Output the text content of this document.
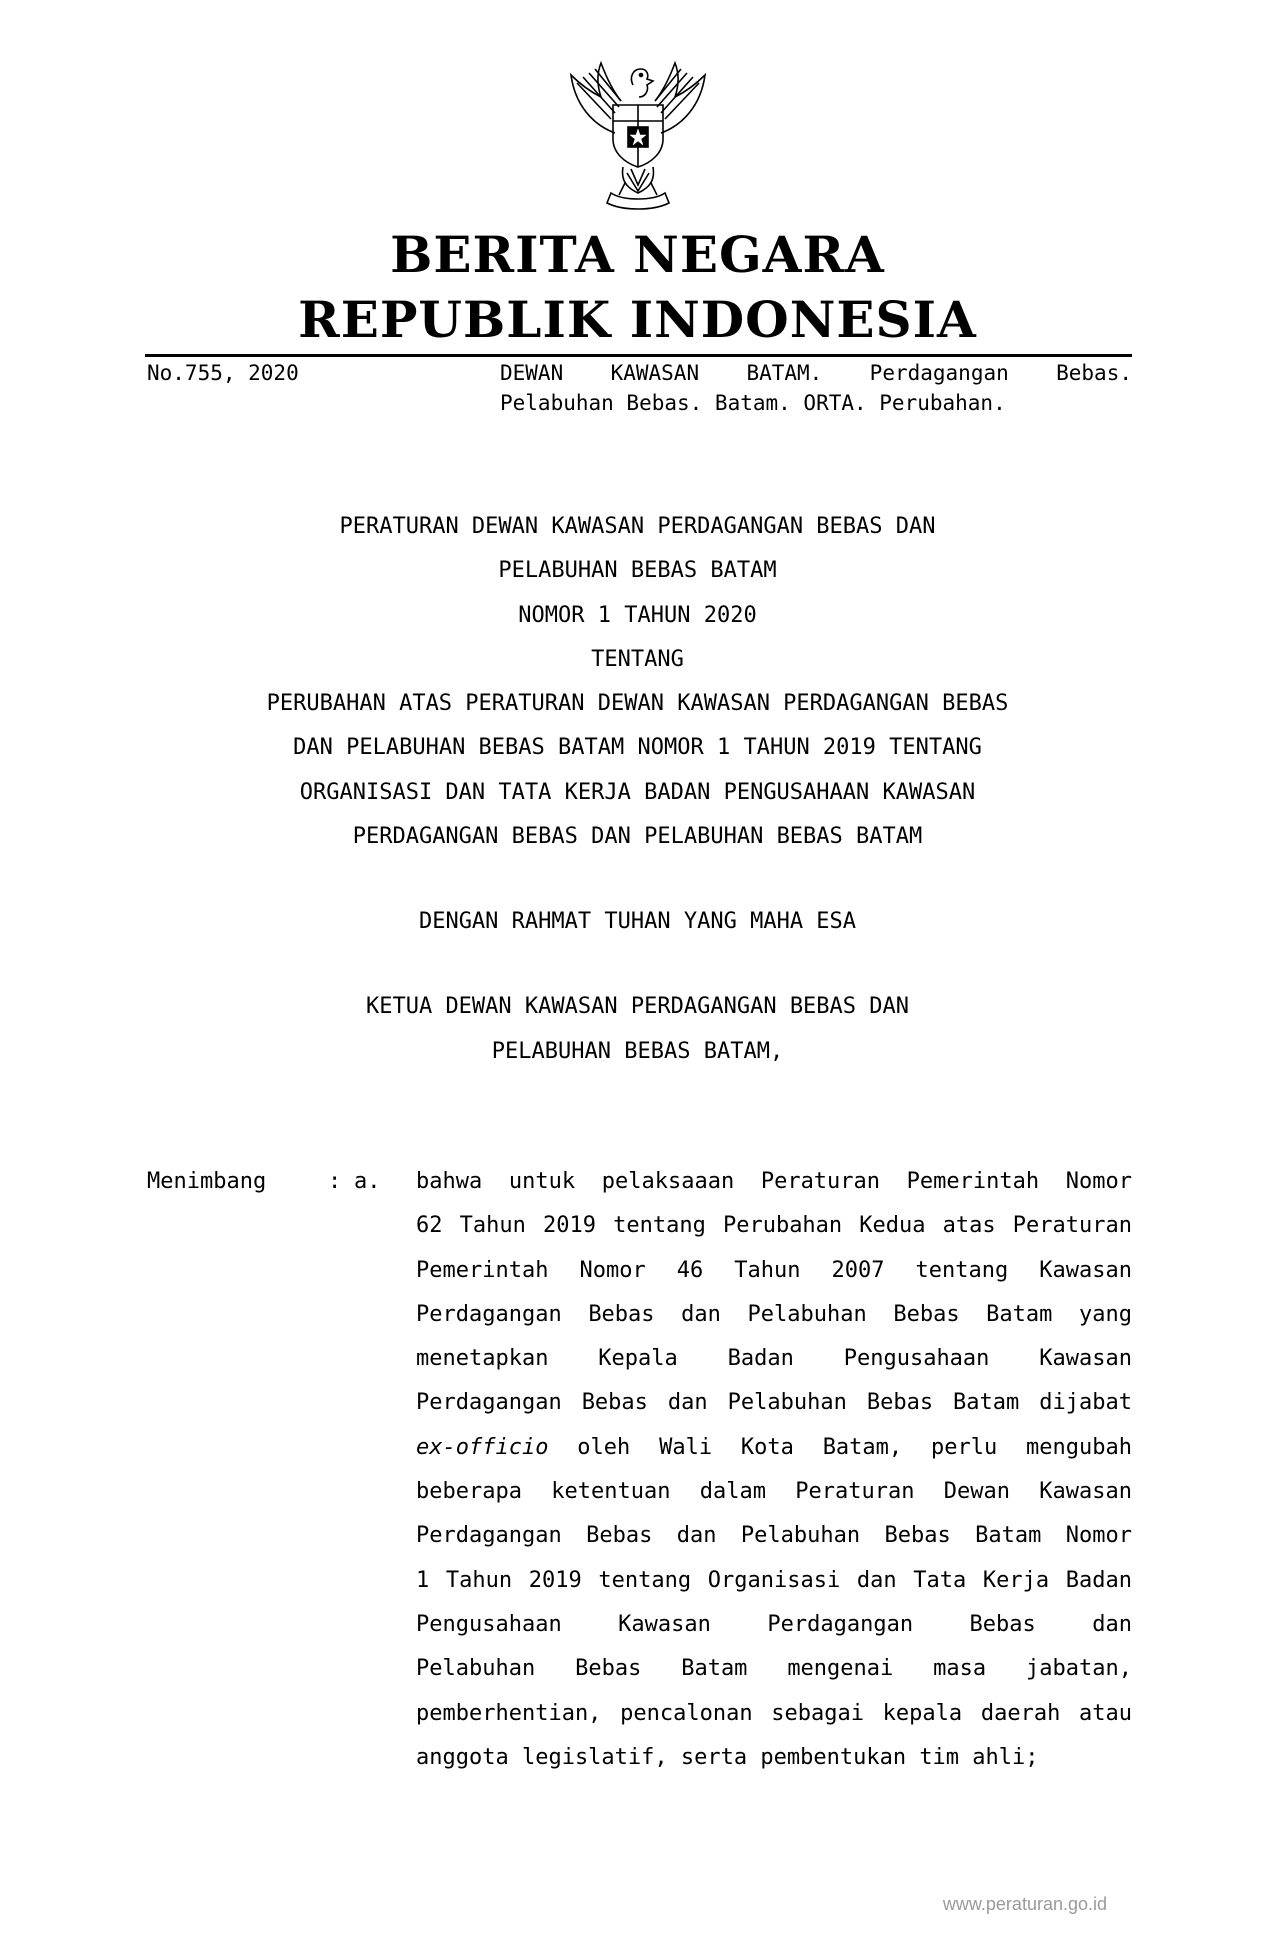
BERITA NEGARA
REPUBLIK INDONESIA
No.755, 2020	DEWAN KAWASAN BATAM. Perdagangan Bebas.
Pelabuhan Bebas. Batam. ORTA. Perubahan.
PERATURAN DEWAN KAWASAN PERDAGANGAN BEBAS DAN
PELABUHAN BEBAS BATAM
NOMOR 1 TAHUN 2020
TENTANG
PERUBAHAN ATAS PERATURAN DEWAN KAWASAN PERDAGANGAN BEBAS
DAN PELABUHAN BEBAS BATAM NOMOR 1 TAHUN 2019 TENTANG
ORGANISASI DAN TATA KERJA BADAN PENGUSAHAAN KAWASAN
PERDAGANGAN BEBAS DAN PELABUHAN BEBAS BATAM
DENGAN RAHMAT TUHAN YANG MAHA ESA
KETUA DEWAN KAWASAN PERDAGANGAN BEBAS DAN
PELABUHAN BEBAS BATAM,
Menimbang	: a. bahwa untuk pelaksaaan Peraturan Pemerintah Nomor
62 Tahun 2019 tentang Perubahan Kedua atas Peraturan
Pemerintah Nomor 46 Tahun 2007 tentang Kawasan
Perdagangan Bebas dan Pelabuhan Bebas Batam yang
menetapkan Kepala Badan Pengusahaan Kawasan
Perdagangan Bebas dan Pelabuhan Bebas Batam dijabat
ex-officio oleh Wali Kota Batam, perlu mengubah
beberapa ketentuan dalam Peraturan Dewan Kawasan
Perdagangan Bebas dan Pelabuhan Bebas Batam Nomor
1 Tahun 2019 tentang Organisasi dan Tata Kerja Badan
Pengusahaan Kawasan Perdagangan Bebas dan
Pelabuhan Bebas Batam mengenai masa jabatan,
pemberhentian, pencalonan sebagai kepala daerah atau
anggota legislatif, serta pembentukan tim ahli;
www.peraturan.go.id
